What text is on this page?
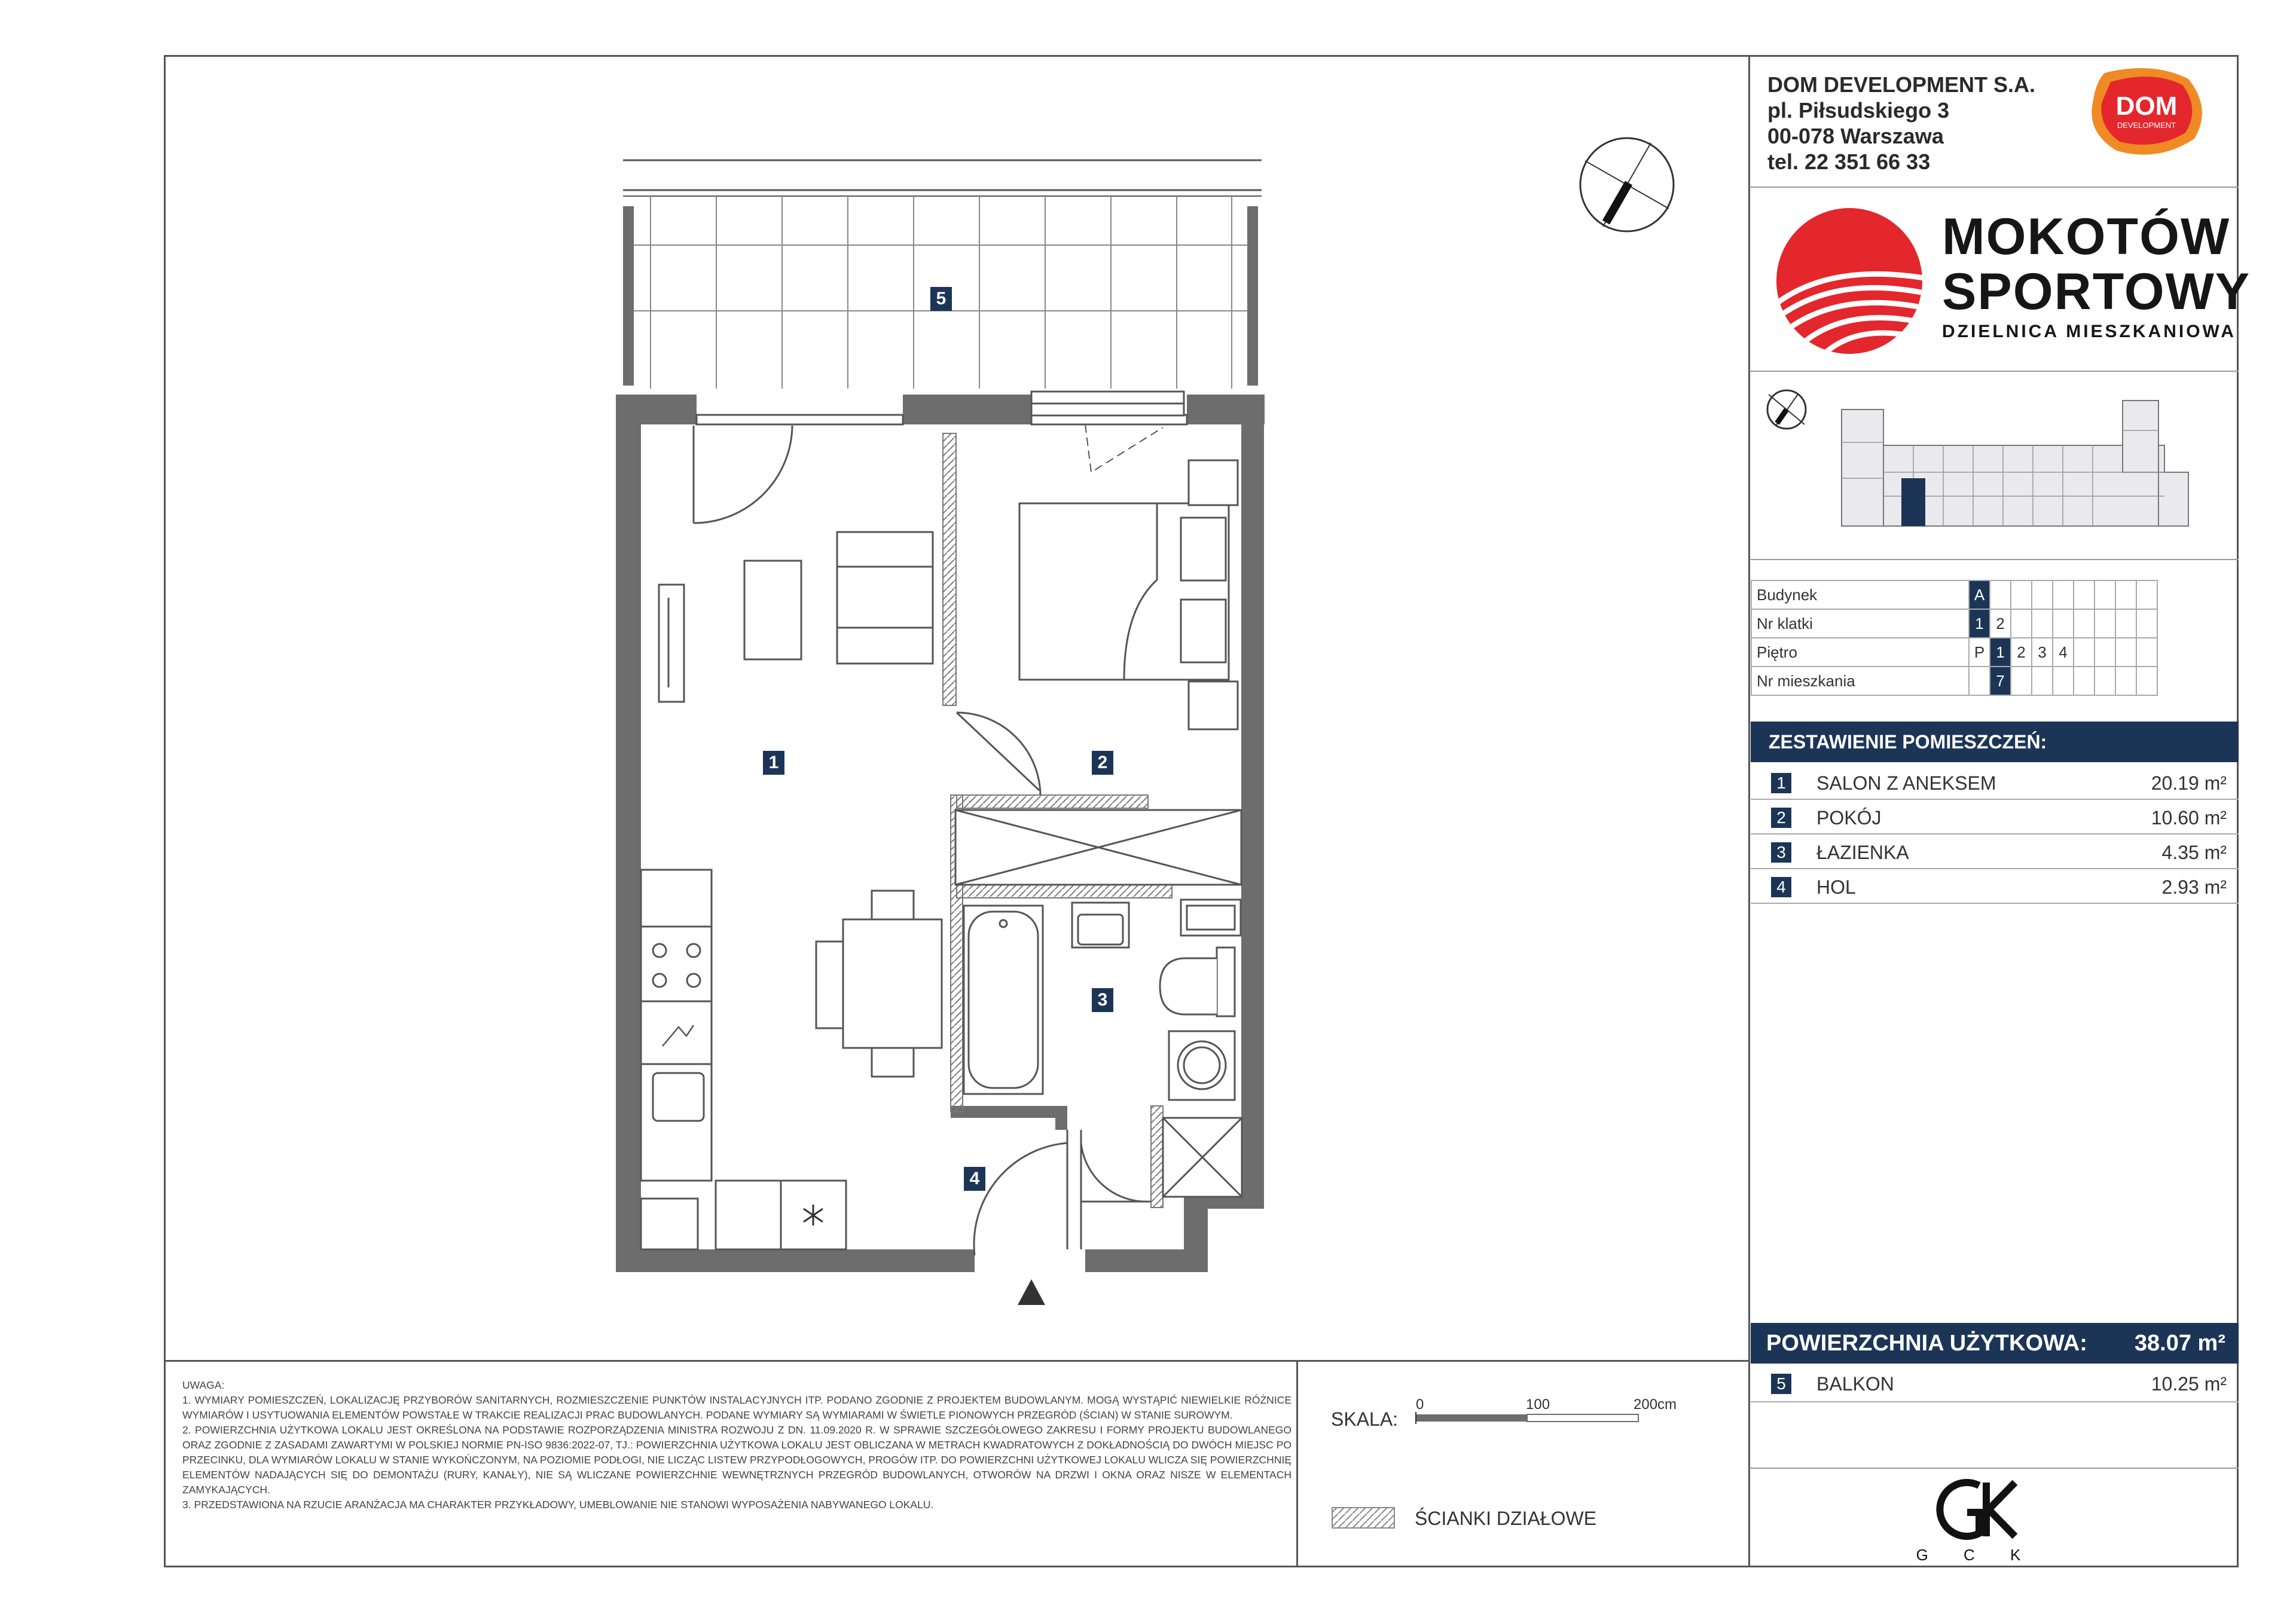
DOM DEVELOPMENT S.A.
pl. Piłsudskiego 3
00-078 Warszawa
tel. 22 351 66 33
DOM
DEVELOPMENT
MOKOTÓW
SPORTOWY
DZIELNICA MIESZKANIOWA
Budynek	A								
Nr klatki	1	2							
Piętro	P	1	2	3	4				
Nr mieszkania		7							
ZESTAWIENIE POMIESZCZEŃ:
1 SALON Z ANEKSEM	20.19 m²
2 POKÓJ	10.60 m²
3 ŁAZIENKA	4.35 m²
4 HOL	2.93 m²
POWIERZCHNIA UŻYTKOWA: 38.07 m²
5 BALKON	10.25 m²
G C K
UWAGA:
1. WYMIARY POMIESZCZEŃ, LOKALIZACJĘ PRZYBORÓW SANITARNYCH, ROZMIESZCZENIE PUNKTÓW INSTALACYJNYCH ITP. PODANO ZGODNIE Z PROJEKTEM BUDOWLANYM. MOGĄ WYSTĄPIĆ NIEWIELKIE RÓŻNICE WYMIARÓW I USYTUOWANIA ELEMENTÓW POWSTAŁE W TRAKCIE REALIZACJI PRAC BUDOWLANYCH. PODANE WYMIARY SĄ WYMIARAMI W ŚWIETLE PIONOWYCH PRZEGRÓD (ŚCIAN) W STANIE SUROWYM.
2. POWIERZCHNIA UŻYTKOWA LOKALU JEST OKREŚLONA NA PODSTAWIE ROZPORZĄDZENIA MINISTRA ROZWOJU Z DN. 11.09.2020 R. W SPRAWIE SZCZEGÓŁOWEGO ZAKRESU I FORMY PROJEKTU BUDOWLANEGO ORAZ ZGODNIE Z ZASADAMI ZAWARTYMI W POLSKIEJ NORMIE PN-ISO 9836:2022-07, TJ.: POWIERZCHNIA UŻYTKOWA LOKALU JEST OBLICZANA W METRACH KWADRATOWYCH Z DOKŁADNOŚCIĄ DO DWÓCH MIEJSC PO PRZECINKU, DLA WYMIARÓW LOKALU W STANIE WYKOŃCZONYM, NA POZIOMIE PODŁOGI, NIE LICZĄC LISTEW PRZYPODŁOGOWYCH, PROGÓW ITP. DO POWIERZCHNI UŻYTKOWEJ LOKALU WLICZA SIĘ POWIERZCHNIĘ ELEMENTÓW NADAJĄCYCH SIĘ DO DEMONTAŻU (RURY, KANAŁY), NIE SĄ WLICZANE POWIERZCHNIE WEWNĘTRZNYCH PRZEGRÓD BUDOWLANYCH, OTWORÓW NA DRZWI I OKNA ORAZ NISZE W ELEMENTACH ZAMYKAJĄCYCH.
3. PRZEDSTAWIONA NA RZUCIE ARANŻACJA MA CHARAKTER PRZYKŁADOWY, UMEBLOWANIE NIE STANOWI WYPOSAŻENIA NABYWANEGO LOKALU.
SKALA:
0	100	200cm
ŚCIANKI DZIAŁOWE
1	2
3
4
5
